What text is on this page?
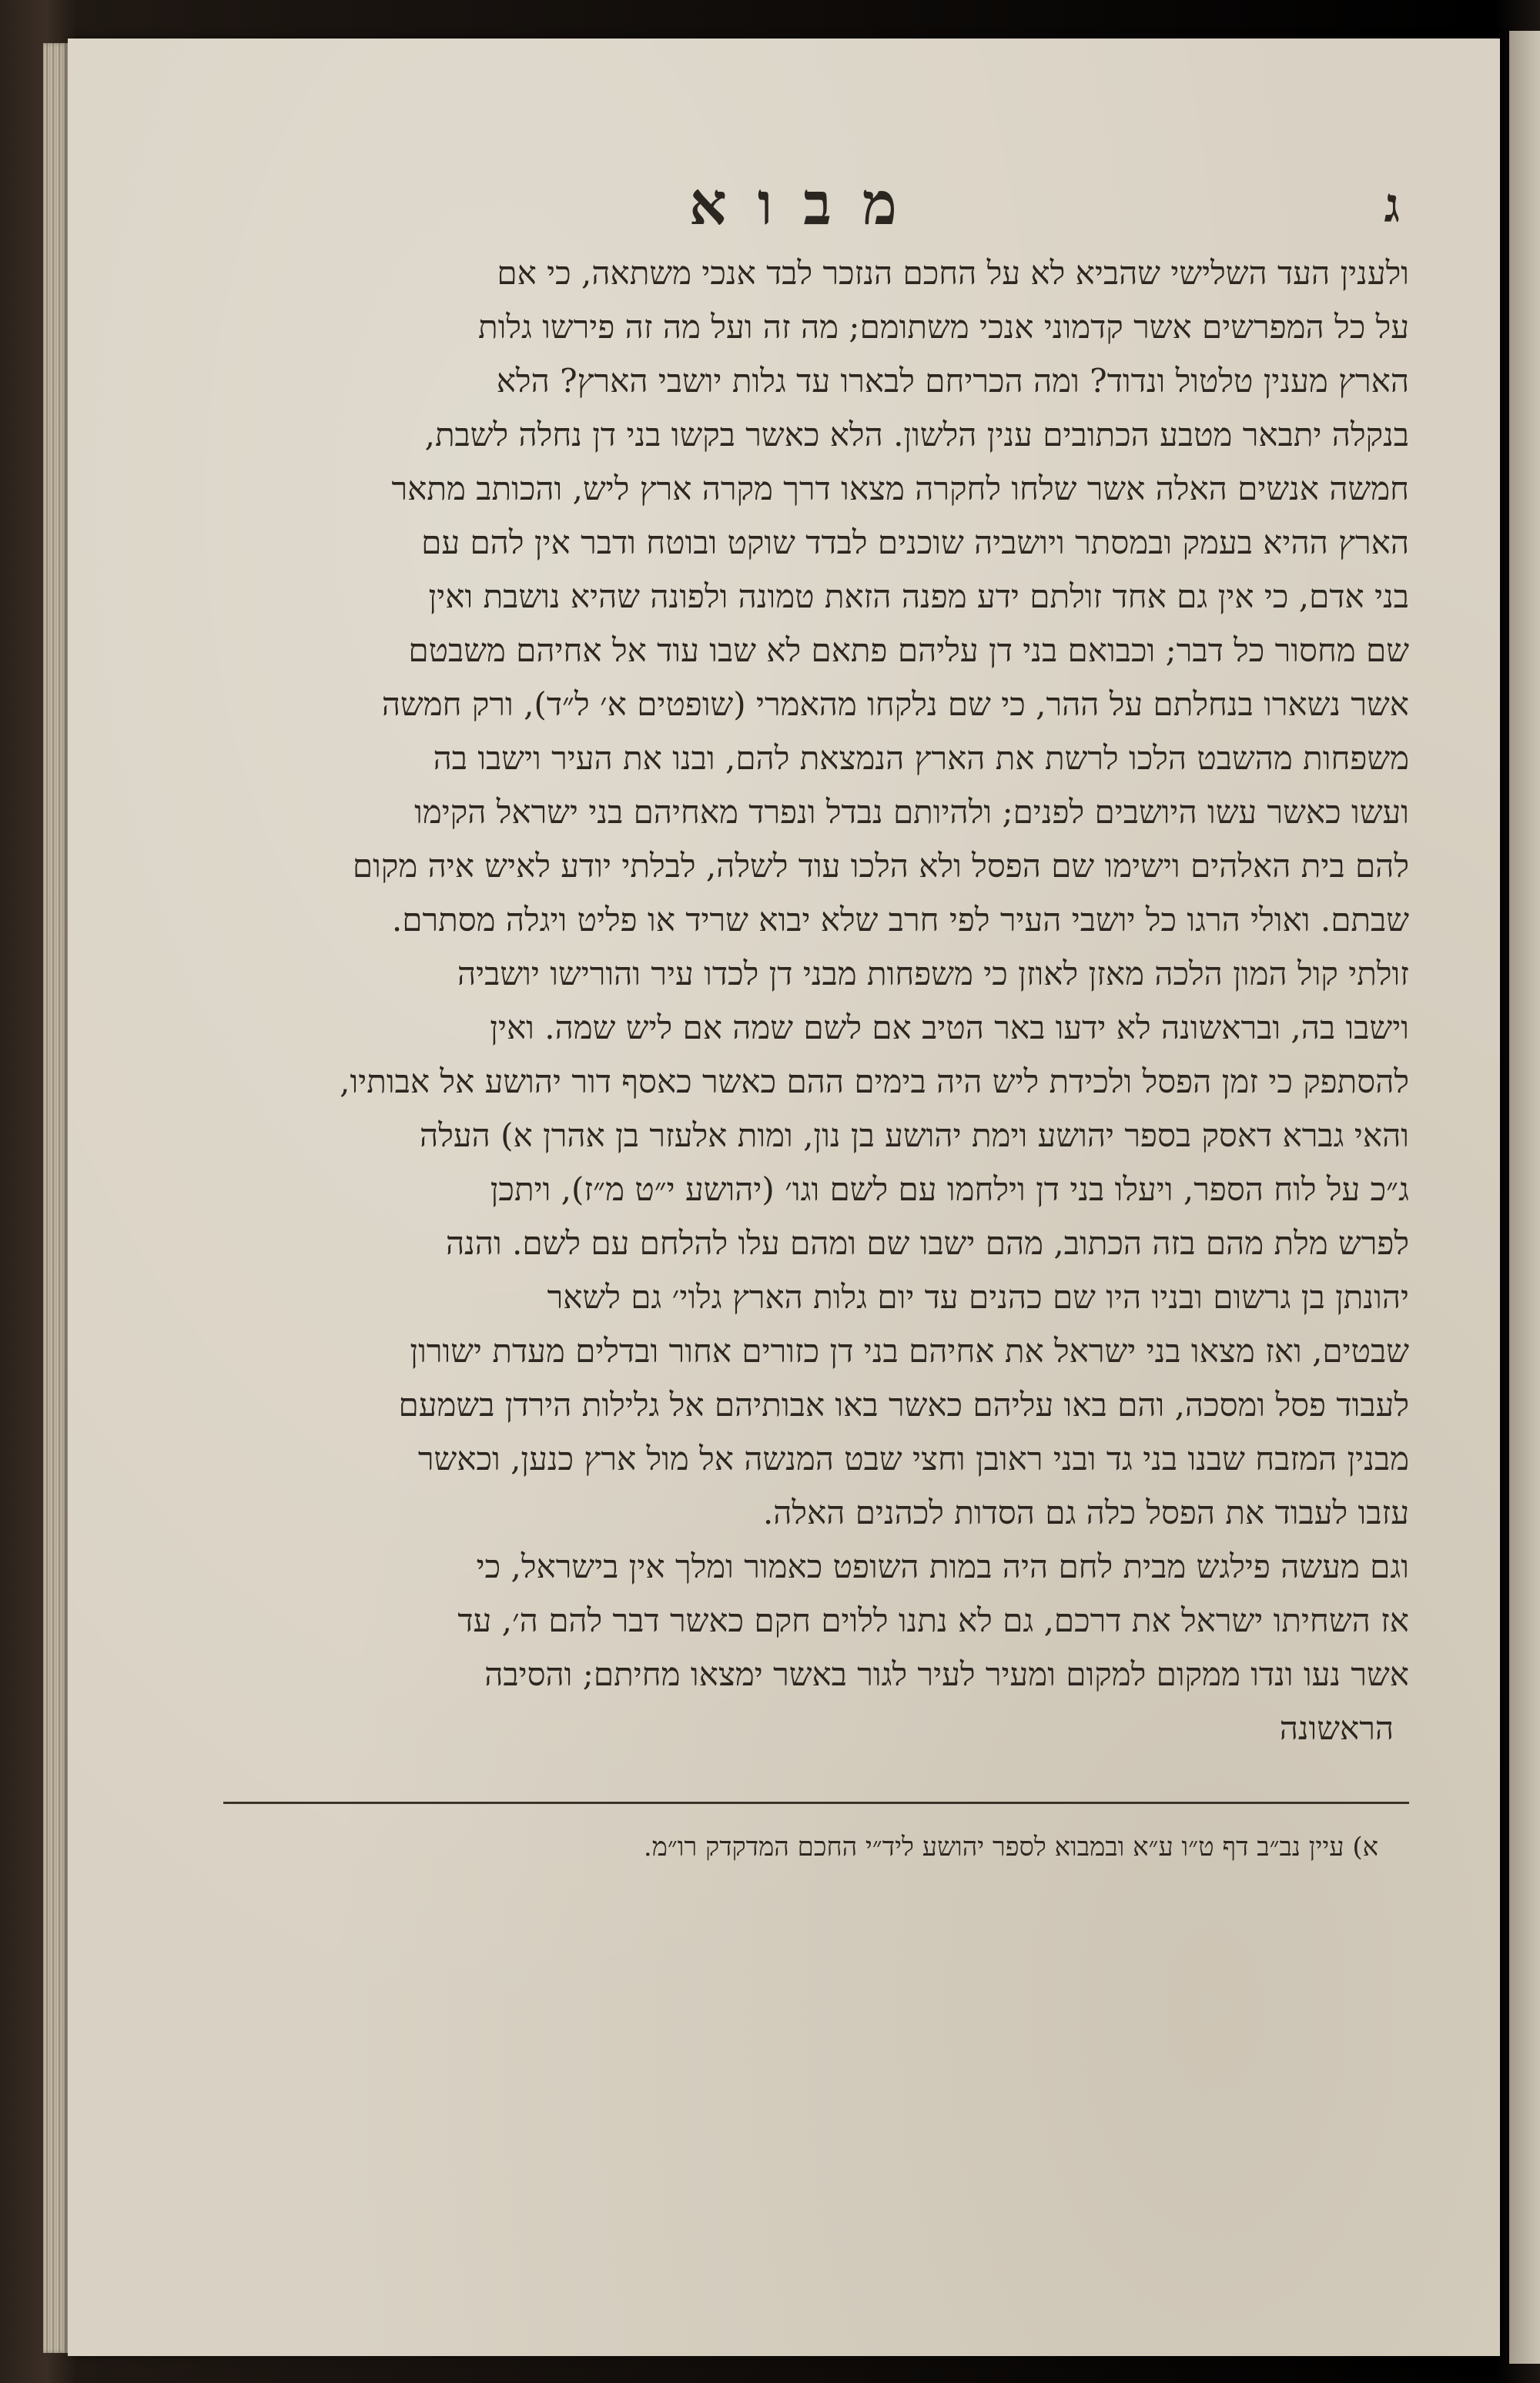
מבוא	ג
ולענין העד השלישי שהביא לא על החכם הנזכר לבד אנכי משתאה, כי אם
על כל המפרשים אשר קדמוני אנכי משתומם; מה זה ועל מה זה פירשו גלות
הארץ מענין טלטול ונדוד? ומה הכריחם לבארו עד גלות יושבי הארץ? הלא
בנקלה יתבאר מטבע הכתובים ענין הלשון. הלא כאשר בקשו בני דן נחלה לשבת,
חמשה אנשים האלה אשר שלחו לחקרה מצאו דרך מקרה ארץ ליש, והכותב מתאר
הארץ ההיא בעמק ובמסתר ויושביה שוכנים לבדד שוקט ובוטח ודבר אין להם עם
בני אדם, כי אין גם אחד זולתם ידע מפנה הזאת טמונה ולפונה שהיא נושבת ואין
שם מחסור כל דבר; וכבואם בני דן עליהם פתאם לא שבו עוד אל אחיהם משבטם
אשר נשארו בנחלתם על ההר, כי שם נלקחו מהאמרי (שופטים א׳ ל״ד), ורק חמשה
משפחות מהשבט הלכו לרשת את הארץ הנמצאת להם, ובנו את העיר וישבו בה
ועשו כאשר עשו היושבים לפנים; ולהיותם נבדל ונפרד מאחיהם בני ישראל הקימו
להם בית האלהים וישימו שם הפסל ולא הלכו עוד לשלה, לבלתי יודע לאיש איה מקום
שבתם. ואולי הרגו כל יושבי העיר לפי חרב שלא יבוא שריד או פליט ויגלה מסתרם.
זולתי קול המון הלכה מאזן לאוזן כי משפחות מבני דן לכדו עיר והורישו יושביה
וישבו בה, ובראשונה לא ידעו באר הטיב אם לשם שמה אם ליש שמה. ואין
להסתפק כי זמן הפסל ולכידת ליש היה בימים ההם כאשר כאסף דור יהושע אל אבותיו,
והאי גברא דאסק בספר יהושע וימת יהושע בן נון, ומות אלעזר בן אהרן א) העלה
ג״כ על לוח הספר, ויעלו בני דן וילחמו עם לשם וגו׳ (יהושע י״ט מ״ז), ויתכן
לפרש מלת מהם בזה הכתוב, מהם ישבו שם ומהם עלו להלחם עם לשם. והנה
יהונתן בן גרשום ובניו היו שם כהנים עד יום גלות הארץ גלוי׳ גם לשאר
שבטים, ואז מצאו בני ישראל את אחיהם בני דן כזורים אחור ובדלים מעדת ישורון
לעבוד פסל ומסכה, והם באו עליהם כאשר באו אבותיהם אל גלילות הירדן בשמעם
מבנין המזבח שבנו בני גד ובני ראובן וחצי שבט המנשה אל מול ארץ כנען, וכאשר
עזבו לעבוד את הפסל כלה גם הסדות לכהנים האלה.
וגם מעשה פילגש מבית לחם היה במות השופט כאמור ומלך אין בישראל, כי
אז השחיתו ישראל את דרכם, גם לא נתנו ללוים חקם כאשר דבר להם ה׳, עד
אשר נעו ונדו ממקום למקום ומעיר לעיר לגור באשר ימצאו מחיתם; והסיבה
הראשונה
א) עיין נב״ב דף ט״ו ע״א ובמבוא לספר יהושע ליד״י החכם המדקדק רו״מ.
